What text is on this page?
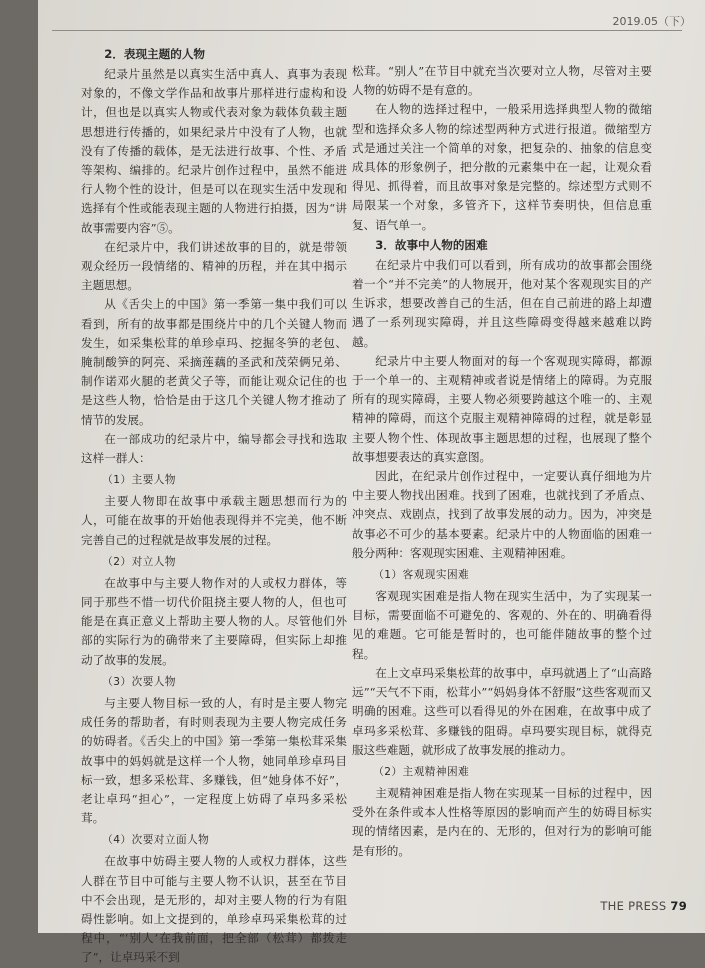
2019.05（下）
2．表现主题的人物

纪录片虽然是以真实生活中真人、真事为表现对象的，不像文学作品和故事片那样进行虚构和设计，但也是以真实人物或代表对象为载体负载主题思想进行传播的，如果纪录片中没有了人物，也就没有了传播的载体，是无法进行故事、个性、矛盾等架构、编排的。纪录片创作过程中，虽然不能进行人物个性的设计，但是可以在现实生活中发现和选择有个性或能表现主题的人物进行拍摄，因为“讲故事需要内容”⑤。

在纪录片中，我们讲述故事的目的，就是带领观众经历一段情绪的、精神的历程，并在其中揭示主题思想。

从《舌尖上的中国》第一季第一集中我们可以看到，所有的故事都是围绕片中的几个关键人物而发生，如采集松茸的单珍卓玛、挖掘冬笋的老包、腌制酸笋的阿亮、采摘莲藕的圣武和茂荣俩兄弟、制作诺邓火腿的老黄父子等，而能让观众记住的也是这些人物，恰恰是由于这几个关键人物才推动了情节的发展。

在一部成功的纪录片中，编导都会寻找和选取这样一群人：

（1）主要人物

主要人物即在故事中承载主题思想而行为的人，可能在故事的开始他表现得并不完美，他不断完善自己的过程就是故事发展的过程。

（2）对立人物

在故事中与主要人物作对的人或权力群体，等同于那些不惜一切代价阻挠主要人物的人，但也可能是在真正意义上帮助主要人物的人。尽管他们外部的实际行为的确带来了主要障碍，但实际上却推动了故事的发展。

（3）次要人物

与主要人物目标一致的人，有时是主要人物完成任务的帮助者，有时则表现为主要人物完成任务的妨碍者。《舌尖上的中国》第一季第一集松茸采集故事中的妈妈就是这样一个人物，她同单珍卓玛目标一致，想多采松茸、多赚钱，但“她身体不好”，老让卓玛“担心”，一定程度上妨碍了卓玛多采松茸。

（4）次要对立面人物

在故事中妨碍主要人物的人或权力群体，这些人群在节目中可能与主要人物不认识，甚至在节目中不会出现，是无形的，却对主要人物的行为有阻碍性影响。如上文提到的，单珍卓玛采集松茸的过程中，“‘别人’在我前面，把全部（松茸）都拨走了”，让卓玛采不到

松茸。“别人”在节目中就充当次要对立人物，尽管对主要人物的妨碍不是有意的。

在人物的选择过程中，一般采用选择典型人物的微缩型和选择众多人物的综述型两种方式进行报道。微缩型方式是通过关注一个简单的对象，把复杂的、抽象的信息变成具体的形象例子，把分散的元素集中在一起，让观众看得见、抓得着，而且故事对象是完整的。综述型方式则不局限某一个对象，多管齐下，这样节奏明快，但信息重复、语气单一。

3．故事中人物的困难

在纪录片中我们可以看到，所有成功的故事都会围绕着一个“并不完美”的人物展开，他对某个客观现实目的产生诉求，想要改善自己的生活，但在自己前进的路上却遭遇了一系列现实障碍，并且这些障碍变得越来越难以跨越。

纪录片中主要人物面对的每一个客观现实障碍，都源于一个单一的、主观精神或者说是情绪上的障碍。为克服所有的现实障碍，主要人物必须要跨越这个唯一的、主观精神的障碍，而这个克服主观精神障碍的过程，就是彰显主要人物个性、体现故事主题思想的过程，也展现了整个故事想要表达的真实意图。

因此，在纪录片创作过程中，一定要认真仔细地为片中主要人物找出困难。找到了困难，也就找到了矛盾点、冲突点、戏剧点，找到了故事发展的动力。因为，冲突是故事必不可少的基本要素。纪录片中的人物面临的困难一般分两种：客观现实困难、主观精神困难。

（1）客观现实困难

客观现实困难是指人物在现实生活中，为了实现某一目标，需要面临不可避免的、客观的、外在的、明确看得见的难题。它可能是暂时的，也可能伴随故事的整个过程。

在上文卓玛采集松茸的故事中，卓玛就遇上了“山高路远”“天气不下雨，松茸小”“妈妈身体不舒服”这些客观而又明确的困难。这些可以看得见的外在困难，在故事中成了卓玛多采松茸、多赚钱的阻碍。卓玛要实现目标，就得克服这些难题，就形成了故事发展的推动力。

（2）主观精神困难

主观精神困难是指人物在实现某一目标的过程中，因受外在条件或本人性格等原因的影响而产生的妨碍目标实现的情绪因素，是内在的、无形的，但对行为的影响可能是有形的。

THE PRESS 79
